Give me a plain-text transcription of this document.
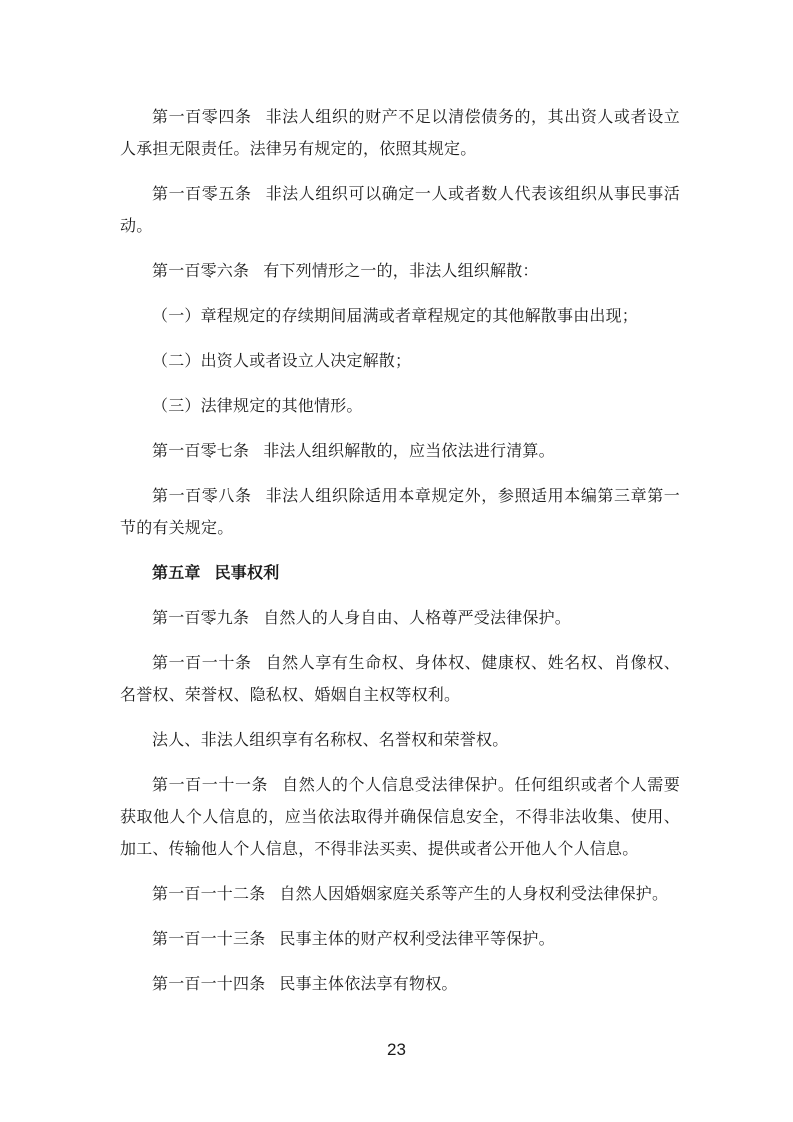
第一百零四条 非法人组织的财产不足以清偿债务的，其出资人或者设立人承担无限责任。法律另有规定的，依照其规定。

第一百零五条 非法人组织可以确定一人或者数人代表该组织从事民事活动。

第一百零六条 有下列情形之一的，非法人组织解散：

（一）章程规定的存续期间届满或者章程规定的其他解散事由出现；

（二）出资人或者设立人决定解散；

（三）法律规定的其他情形。

第一百零七条 非法人组织解散的，应当依法进行清算。

第一百零八条 非法人组织除适用本章规定外，参照适用本编第三章第一节的有关规定。

第五章 民事权利

第一百零九条 自然人的人身自由、人格尊严受法律保护。

第一百一十条 自然人享有生命权、身体权、健康权、姓名权、肖像权、名誉权、荣誉权、隐私权、婚姻自主权等权利。

法人、非法人组织享有名称权、名誉权和荣誉权。

第一百一十一条 自然人的个人信息受法律保护。任何组织或者个人需要获取他人个人信息的，应当依法取得并确保信息安全，不得非法收集、使用、加工、传输他人个人信息，不得非法买卖、提供或者公开他人个人信息。

第一百一十二条 自然人因婚姻家庭关系等产生的人身权利受法律保护。

第一百一十三条 民事主体的财产权利受法律平等保护。

第一百一十四条 民事主体依法享有物权。

23
